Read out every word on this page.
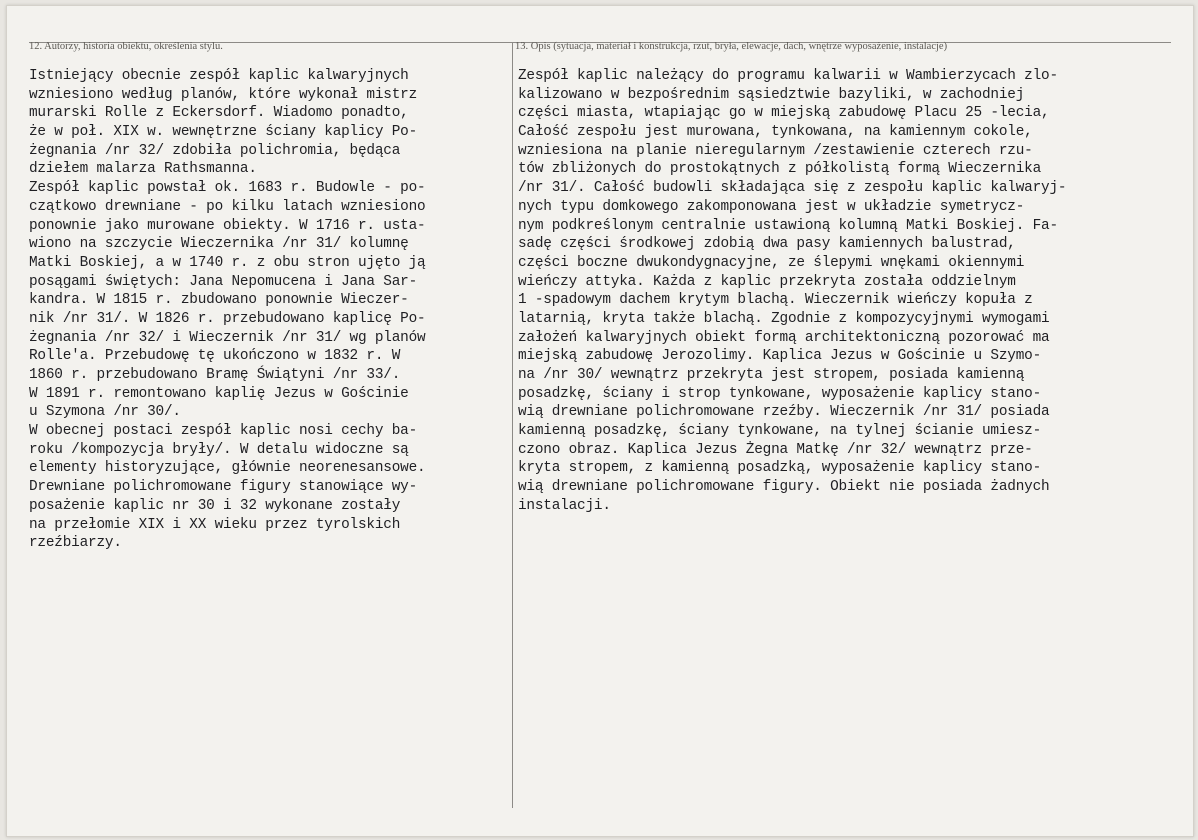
12. Autorzy, historia obiektu, określenia stylu.	13. Opis (sytuacja, materiał i konstrukcja, rzut, bryła, elewacje, dach, wnętrze wyposażenie, instalacje)
Istniejący obecnie zespół kaplic kalwaryjnych
wzniesiono według planów, które wykonał mistrz
murarski Rolle z Eckersdorf. Wiadomo ponadto,
że w poł. XIX w. wewnętrzne ściany kaplicy Po-
żegnania /nr 32/ zdobiła polichromia, będąca
dziełem malarza Rathsmanna.
Zespół kaplic powstał ok. 1683 r. Budowle - po-
czątkowo drewniane - po kilku latach wzniesiono
ponownie jako murowane obiekty. W 1716 r. usta-
wiono na szczycie Wieczernika /nr 31/ kolumnę
Matki Boskiej, a w 1740 r. z obu stron ujęto ją
posągami świętych: Jana Nepomucena i Jana Sar-
kandra. W 1815 r. zbudowano ponownie Wieczer-
nik /nr 31/. W 1826 r. przebudowano kaplicę Po-
żegnania /nr 32/ i Wieczernik /nr 31/ wg planów
Rolle'a. Przebudowę tę ukończono w 1832 r. W
1860 r. przebudowano Bramę Świątyni /nr 33/.
W 1891 r. remontowano kaplię Jezus w Gościnie
u Szymona /nr 30/.
W obecnej postaci zespół kaplic nosi cechy ba-
roku /kompozycja bryły/. W detalu widoczne są
elementy historyzujące, głównie neorenesansowe.
Drewniane polichromowane figury stanowiące wy-
posażenie kaplic nr 30 i 32 wykonane zostały
na przełomie XIX i XX wieku przez tyrolskich
rzeźbiarzy.
Zespół kaplic należący do programu kalwarii w Wambierzycach zlo-
kalizowano w bezpośrednim sąsiedztwie bazyliki, w zachodniej
części miasta, wtapiając go w miejską zabudowę Placu 25 -lecia,
Całość zespołu jest murowana, tynkowana, na kamiennym cokole,
wzniesiona na planie nieregularnym /zestawienie czterech rzu-
tów zbliżonych do prostokątnych z półkolistą formą Wieczernika
/nr 31/. Całość budowli składająca się z zespołu kaplic kalwaryj-
nych typu domkowego zakomponowana jest w układzie symetrycz-
nym podkreślonym centralnie ustawioną kolumną Matki Boskiej. Fa-
sadę części środkowej zdobią dwa pasy kamiennych balustrad,
części boczne dwukondygnacyjne, ze ślepymi wnękami okiennymi
wieńczy attyka. Każda z kaplic przekryta została oddzielnym
1 -spadowym dachem krytym blachą. Wieczernik wieńczy kopuła z
latarnią, kryta także blachą. Zgodnie z kompozycyjnymi wymogami
założeń kalwaryjnych obiekt formą architektoniczną pozorować ma
miejską zabudowę Jerozolimy. Kaplica Jezus w Gościnie u Szymo-
na /nr 30/ wewnątrz przekryta jest stropem, posiada kamienną
posadzkę, ściany i strop tynkowane, wyposażenie kaplicy stano-
wią drewniane polichromowane rzeźby. Wieczernik /nr 31/ posiada
kamienną posadzkę, ściany tynkowane, na tylnej ścianie umiesz-
czono obraz. Kaplica Jezus Żegna Matkę /nr 32/ wewnątrz prze-
kryta stropem, z kamienną posadzką, wyposażenie kaplicy stano-
wią drewniane polichromowane figury. Obiekt nie posiada żadnych
instalacji.
